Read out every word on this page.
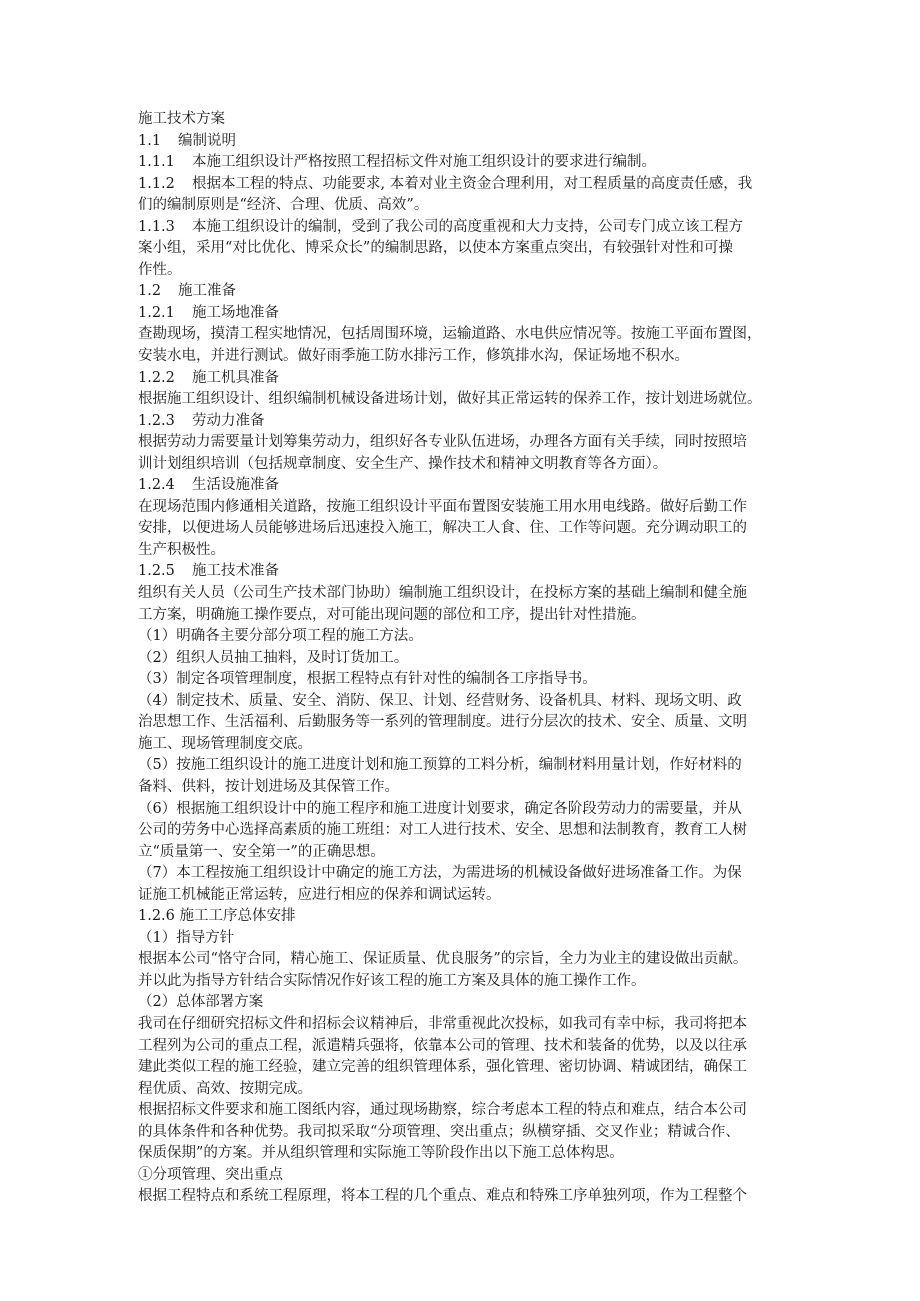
施工技术方案
1.1 编制说明
1.1.1 本施工组织设计严格按照工程招标文件对施工组织设计的要求进行编制。
1.1.2 根据本工程的特点、功能要求, 本着对业主资金合理利用，对工程质量的高度责任感，我
们的编制原则是“经济、合理、优质、高效”。
1.1.3 本施工组织设计的编制，受到了我公司的高度重视和大力支持，公司专门成立该工程方
案小组，采用“对比优化、博采众长”的编制思路，以使本方案重点突出，有较强针对性和可操
作性。
1.2 施工准备
1.2.1 施工场地准备
查勘现场，摸清工程实地情况，包括周围环境，运输道路、水电供应情况等。按施工平面布置图，
安装水电，并进行测试。做好雨季施工防水排污工作，修筑排水沟，保证场地不积水。
1.2.2 施工机具准备
根据施工组织设计、组织编制机械设备进场计划，做好其正常运转的保养工作，按计划进场就位。
1.2.3 劳动力准备
根据劳动力需要量计划筹集劳动力，组织好各专业队伍进场，办理各方面有关手续，同时按照培
训计划组织培训（包括规章制度、安全生产、操作技术和精神文明教育等各方面）。
1.2.4 生活设施准备
在现场范围内修通相关道路，按施工组织设计平面布置图安装施工用水用电线路。做好后勤工作
安排，以便进场人员能够进场后迅速投入施工，解决工人食、住、工作等问题。充分调动职工的
生产积极性。
1.2.5 施工技术准备
组织有关人员（公司生产技术部门协助）编制施工组织设计，在投标方案的基础上编制和健全施
工方案，明确施工操作要点，对可能出现问题的部位和工序，提出针对性措施。
（1）明确各主要分部分项工程的施工方法。
（2）组织人员抽工抽料，及时订货加工。
（3）制定各项管理制度，根据工程特点有针对性的编制各工序指导书。
（4）制定技术、质量、安全、消防、保卫、计划、经营财务、设备机具、材料、现场文明、政
治思想工作、生活福利、后勤服务等一系列的管理制度。进行分层次的技术、安全、质量、文明
施工、现场管理制度交底。
（5）按施工组织设计的施工进度计划和施工预算的工料分析，编制材料用量计划，作好材料的
备料、供料，按计划进场及其保管工作。
（6）根据施工组织设计中的施工程序和施工进度计划要求，确定各阶段劳动力的需要量，并从
公司的劳务中心选择高素质的施工班组：对工人进行技术、安全、思想和法制教育，教育工人树
立“质量第一、安全第一”的正确思想。
（7）本工程按施工组织设计中确定的施工方法，为需进场的机械设备做好进场准备工作。为保
证施工机械能正常运转，应进行相应的保养和调试运转。
1.2.6 施工工序总体安排
（1）指导方针
根据本公司“恪守合同，精心施工、保证质量、优良服务”的宗旨，全力为业主的建设做出贡献。
并以此为指导方针结合实际情况作好该工程的施工方案及具体的施工操作工作。
（2）总体部署方案
我司在仔细研究招标文件和招标会议精神后，非常重视此次投标，如我司有幸中标，我司将把本
工程列为公司的重点工程，派遣精兵强将，依靠本公司的管理、技术和装备的优势，以及以往承
建此类似工程的施工经验，建立完善的组织管理体系，强化管理、密切协调、精诚团结，确保工
程优质、高效、按期完成。
根据招标文件要求和施工图纸内容，通过现场勘察，综合考虑本工程的特点和难点，结合本公司
的具体条件和各种优势。我司拟采取“分项管理、突出重点；纵横穿插、交叉作业；精诚合作、
保质保期”的方案。并从组织管理和实际施工等阶段作出以下施工总体构思。
①分项管理、突出重点
根据工程特点和系统工程原理，将本工程的几个重点、难点和特殊工序单独列项，作为工程整个
